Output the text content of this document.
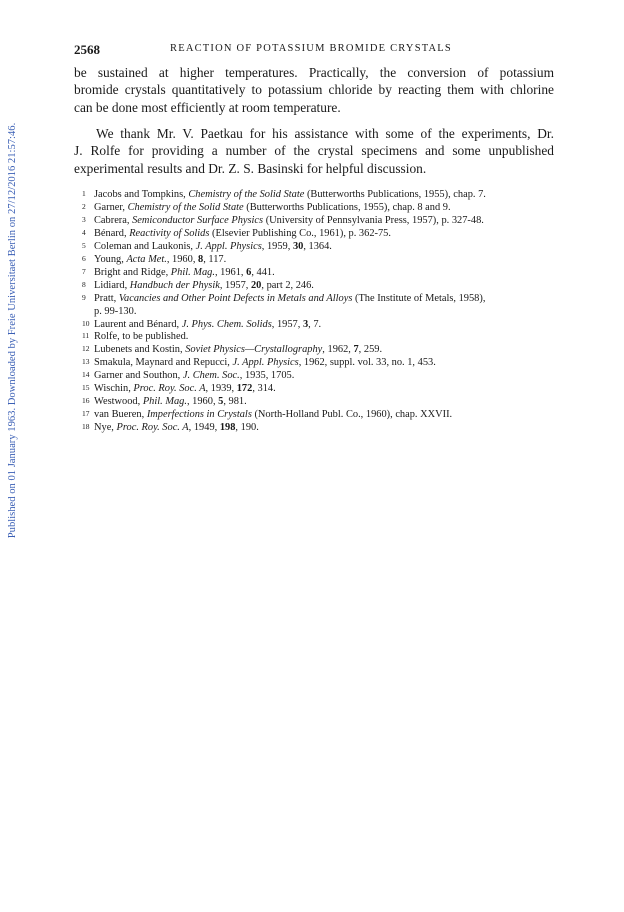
Published on 01 January 1963. Downloaded by Freie Universitaet Berlin on 27/12/2016 21:57:46.
2568	REACTION OF POTASSIUM BROMIDE CRYSTALS

be sustained at higher temperatures. Practically, the conversion of potassium
bromide crystals quantitatively to potassium chloride by reacting them with chlorine
can be done most efficiently at room temperature.

We thank Mr. V. Paetkau for his assistance with some of the experiments, Dr.
J. Rolfe for providing a number of the crystal specimens and some unpublished
experimental results and Dr. Z. S. Basinski for helpful discussion.

1 Jacobs and Tompkins, Chemistry of the Solid State (Butterworths Publications, 1955), chap. 7.
2 Garner, Chemistry of the Solid State (Butterworths Publications, 1955), chap. 8 and 9.
3 Cabrera, Semiconductor Surface Physics (University of Pennsylvania Press, 1957), p. 327-48.
4 Bénard, Reactivity of Solids (Elsevier Publishing Co., 1961), p. 362-75.
5 Coleman and Laukonis, J. Appl. Physics, 1959, 30, 1364.
6 Young, Acta Met., 1960, 8, 117.
7 Bright and Ridge, Phil. Mag., 1961, 6, 441.
8 Lidiard, Handbuch der Physik, 1957, 20, part 2, 246.
9 Pratt, Vacancies and Other Point Defects in Metals and Alloys (The Institute of Metals, 1958),
p. 99-130.
10 Laurent and Bénard, J. Phys. Chem. Solids, 1957, 3, 7.
11 Rolfe, to be published.
12 Lubenets and Kostin, Soviet Physics—Crystallography, 1962, 7, 259.
13 Smakula, Maynard and Repucci, J. Appl. Physics, 1962, suppl. vol. 33, no. 1, 453.
14 Garner and Southon, J. Chem. Soc., 1935, 1705.
15 Wischin, Proc. Roy. Soc. A, 1939, 172, 314.
16 Westwood, Phil. Mag., 1960, 5, 981.
17 van Bueren, Imperfections in Crystals (North-Holland Publ. Co., 1960), chap. XXVII.
18 Nye, Proc. Roy. Soc. A, 1949, 198, 190.
